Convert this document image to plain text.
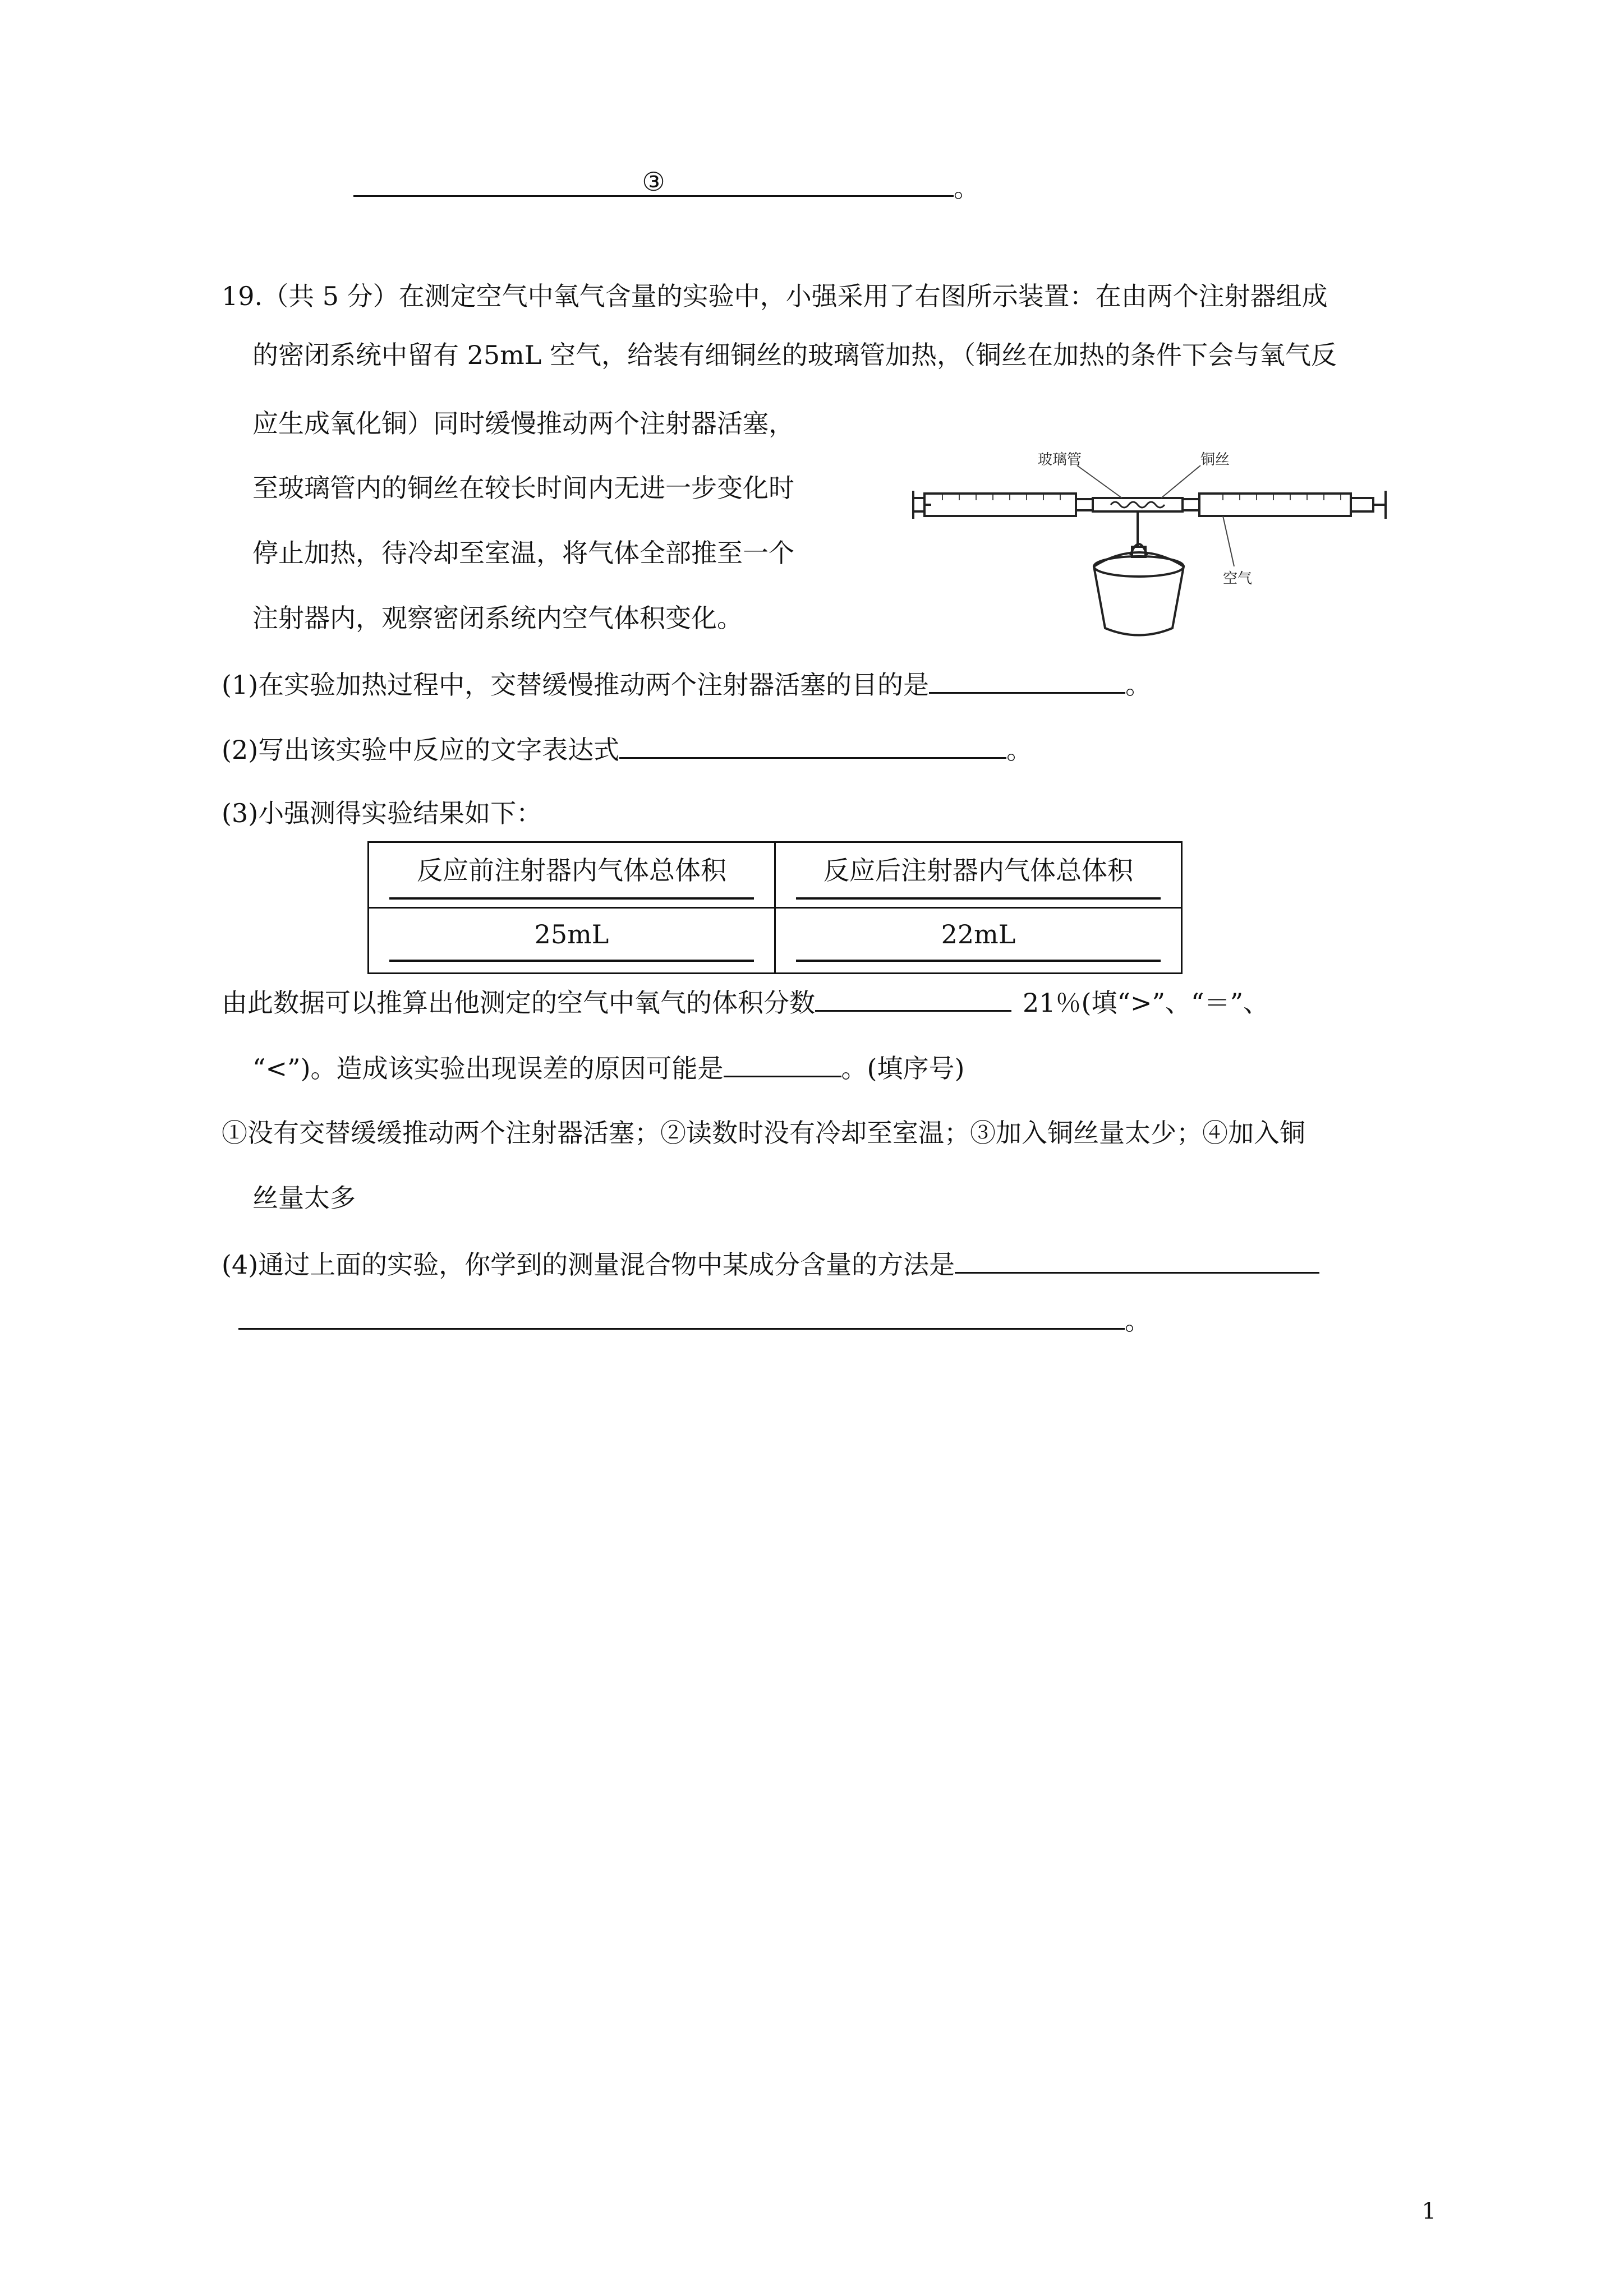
③	。
19.（共 5 分）在测定空气中氧气含量的实验中，小强采用了右图所示装置：在由两个注射器组成
的密闭系统中留有 25mL 空气，给装有细铜丝的玻璃管加热，（铜丝在加热的条件下会与氧气反
应生成氧化铜）同时缓慢推动两个注射器活塞，
至玻璃管内的铜丝在较长时间内无进一步变化时
停止加热，待冷却至室温，将气体全部推至一个
注射器内，观察密闭系统内空气体积变化。
玻璃管	铜丝
空气
(1)在实验加热过程中，交替缓慢推动两个注射器活塞的目的是	。
(2)写出该实验中反应的文字表达式	。
(3)小强测得实验结果如下：
反应前注射器内气体总体积	反应后注射器内气体总体积
25mL	22mL
由此数据可以推算出他测定的空气中氧气的体积分数	21％(填“>”、“＝”、
“<”)。造成该实验出现误差的原因可能是	。(填序号)
①没有交替缓缓推动两个注射器活塞；②读数时没有冷却至室温；③加入铜丝量太少；④加入铜
丝量太多
(4)通过上面的实验，你学到的测量混合物中某成分含量的方法是
。
1
